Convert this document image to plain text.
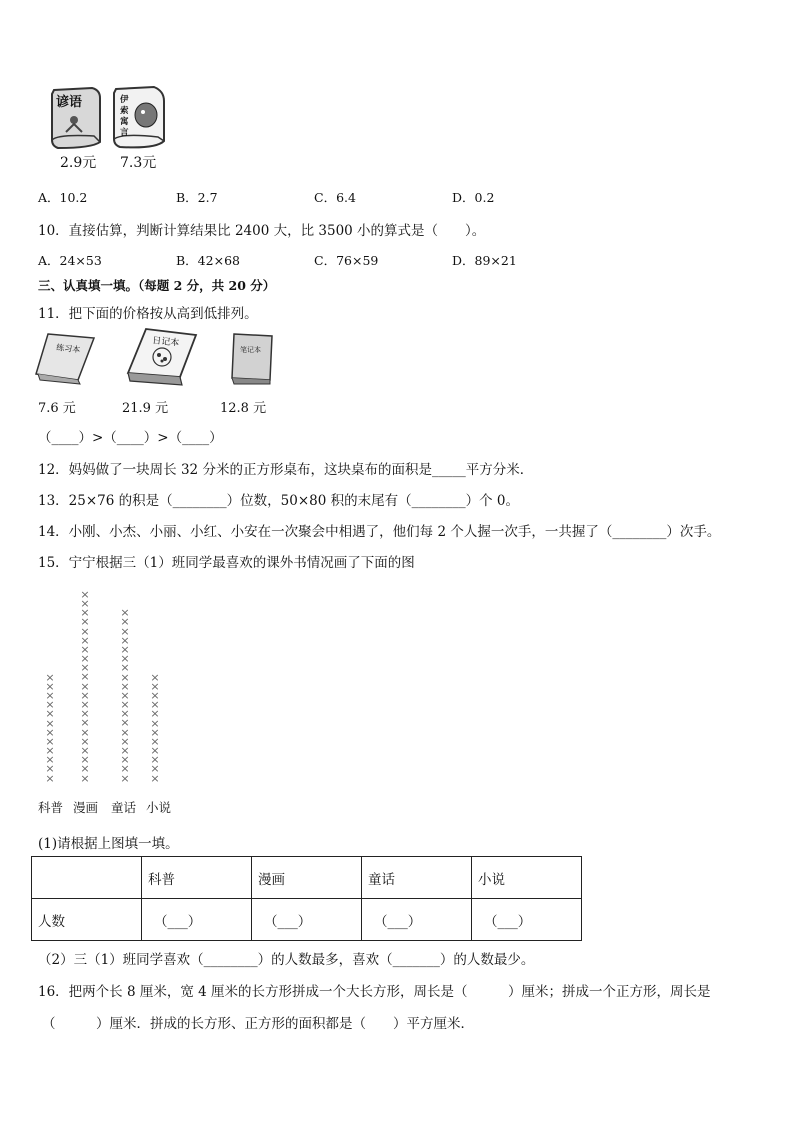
谚语	伊
索
寓
言
2.9元 7.3元
A．10.2	B．2.7	C．6.4	D．0.2
10．直接估算，判断计算结果比 2400 大，比 3500 小的算式是（　　）。
A．24×53	B．42×68	C．76×59	D．89×21
三、认真填一填。（每题 2 分，共 20 分）
11．把下面的价格按从高到低排列。
练习本	日记本
笔记本
7.6 元	21.9 元	12.8 元
（____）>（____）>（____）
12．妈妈做了一块周长 32 分米的正方形桌布，这块桌布的面积是_____平方分米．
13．25×76 的积是（________）位数，50×80 积的末尾有（________）个 0。
14．小刚、小杰、小丽、小红、小安在一次聚会中相遇了，他们每 2 个人握一次手，一共握了（________）次手。
15．宁宁根据三（1）班同学最喜欢的课外书情况画了下面的图
×
×
×
×
×
×
×
×
×
×
×
×
×
×
×
×
×
×
×
×
×
×
×
×
×
×
×
×
×
×
×
×
×
×
×
×
×
×
×
×
×
×
×
×
×
×
×
×
×
×
×
×
×
×
×
×
×
×
×
×
×
×
×
×
科普 漫画 童话 小说
(1)请根据上图填一填。
	科普	漫画	童话	小说
人数	（___）	（___）	（___）	（___）
（2）三（1）班同学喜欢（________）的人数最多，喜欢（_______）的人数最少。
16．把两个长 8 厘米，宽 4 厘米的长方形拼成一个大长方形，周长是（　　　）厘米；拼成一个正方形，周长是
（　　　）厘米．拼成的长方形、正方形的面积都是（　　）平方厘米．
